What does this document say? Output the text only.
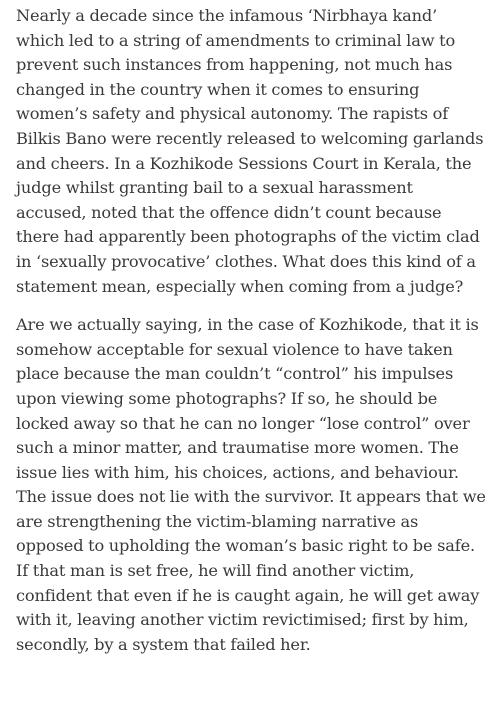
Nearly a decade since the infamous ‘Nirbhaya kand’
which led to a string of amendments to criminal law to
prevent such instances from happening, not much has
changed in the country when it comes to ensuring
women’s safety and physical autonomy. The rapists of
Bilkis Bano were recently released to welcoming garlands
and cheers. In a Kozhikode Sessions Court in Kerala, the
judge whilst granting bail to a sexual harassment
accused, noted that the offence didn’t count because
there had apparently been photographs of the victim clad
in ‘sexually provocative’ clothes. What does this kind of a
statement mean, especially when coming from a judge?

Are we actually saying, in the case of Kozhikode, that it is
somehow acceptable for sexual violence to have taken
place because the man couldn’t “control” his impulses
upon viewing some photographs? If so, he should be
locked away so that he can no longer “lose control” over
such a minor matter, and traumatise more women. The
issue lies with him, his choices, actions, and behaviour.
The issue does not lie with the survivor. It appears that we
are strengthening the victim-blaming narrative as
opposed to upholding the woman’s basic right to be safe.
If that man is set free, he will find another victim,
confident that even if he is caught again, he will get away
with it, leaving another victim revictimised; first by him,
secondly, by a system that failed her.
